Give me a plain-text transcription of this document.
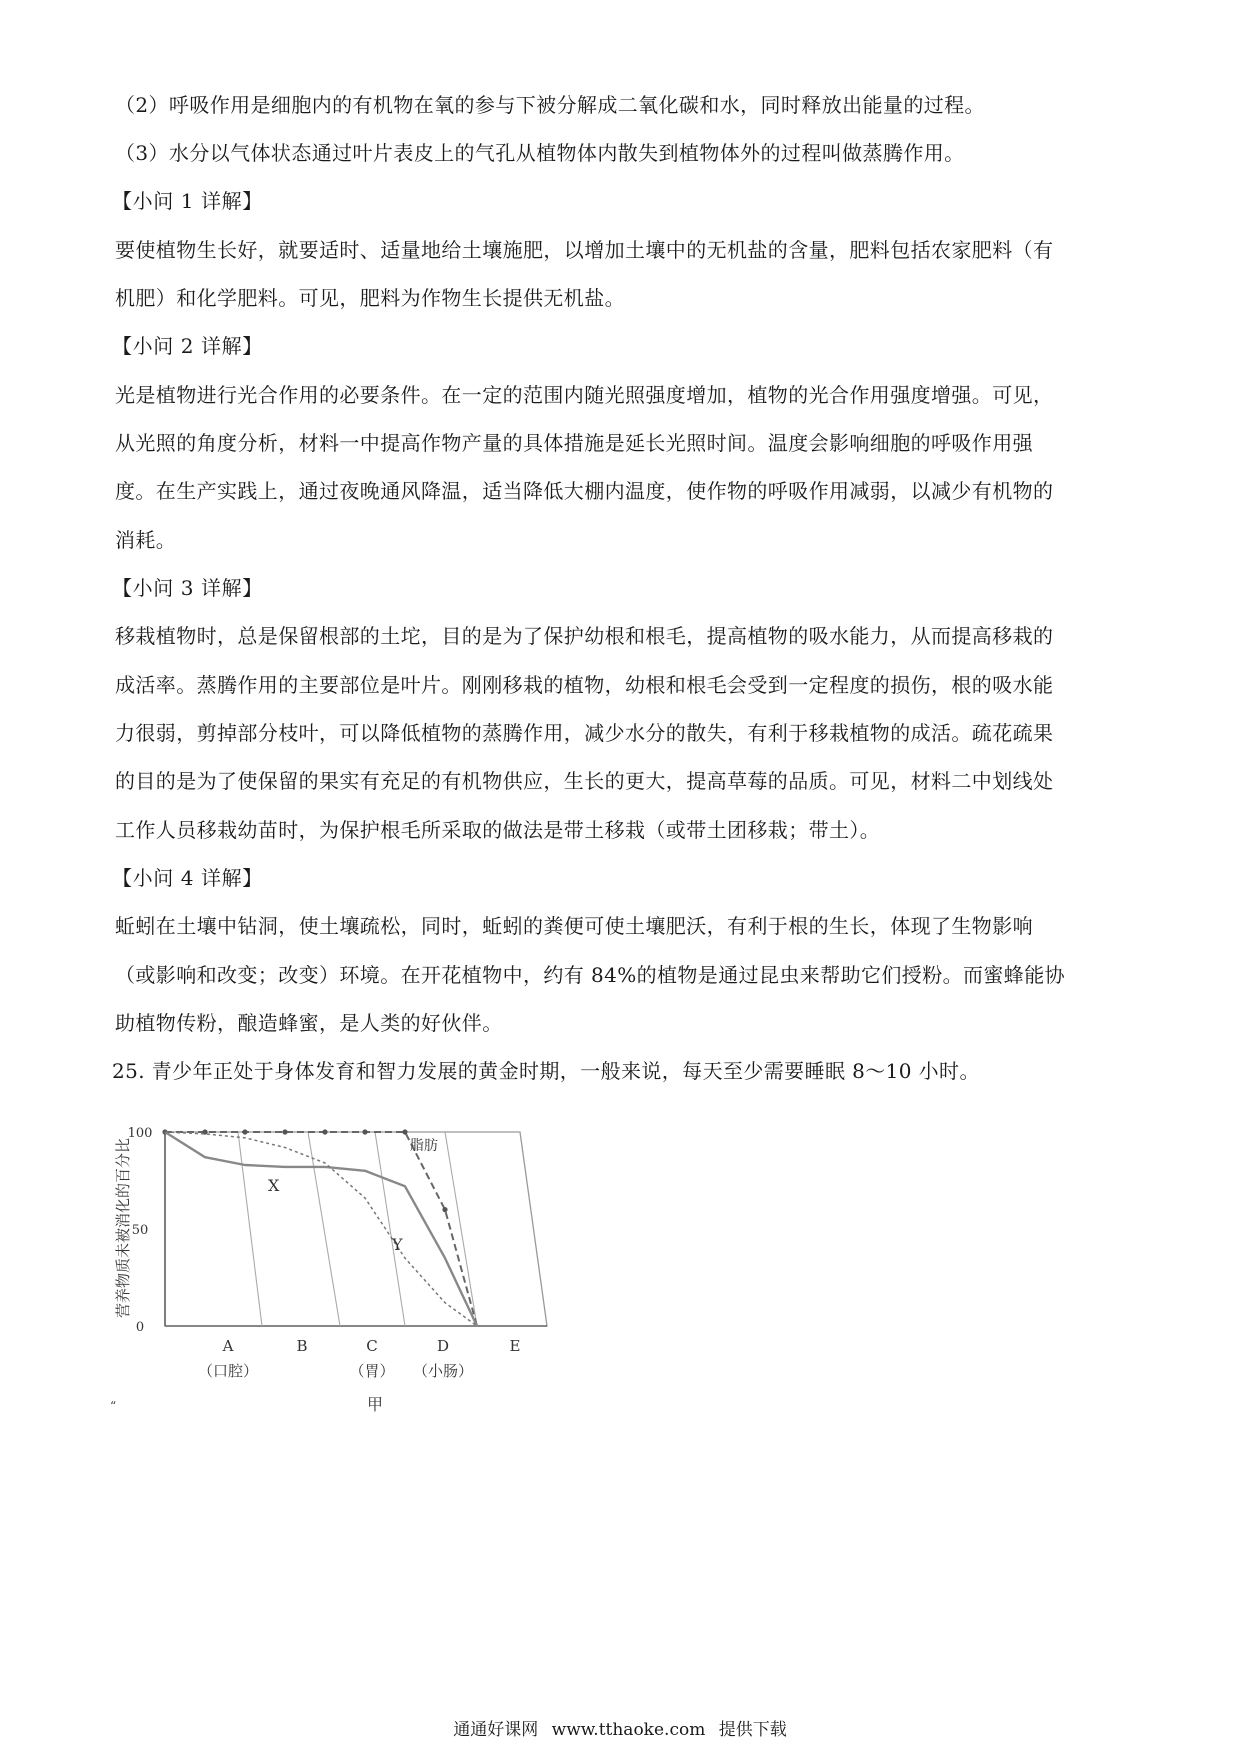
（2）呼吸作用是细胞内的有机物在氧的参与下被分解成二氧化碳和水，同时释放出能量的过程。
（3）水分以气体状态通过叶片表皮上的气孔从植物体内散失到植物体外的过程叫做蒸腾作用。
【小问 1 详解】
要使植物生长好，就要适时、适量地给土壤施肥，以增加土壤中的无机盐的含量，肥料包括农家肥料（有
机肥）和化学肥料。可见，肥料为作物生长提供无机盐。
【小问 2 详解】
光是植物进行光合作用的必要条件。在一定的范围内随光照强度增加，植物的光合作用强度增强。可见，
从光照的角度分析，材料一中提高作物产量的具体措施是延长光照时间。温度会影响细胞的呼吸作用强
度。在生产实践上，通过夜晚通风降温，适当降低大棚内温度，使作物的呼吸作用减弱，以减少有机物的
消耗。
【小问 3 详解】
移栽植物时，总是保留根部的土坨，目的是为了保护幼根和根毛，提高植物的吸水能力，从而提高移栽的
成活率。蒸腾作用的主要部位是叶片。刚刚移栽的植物，幼根和根毛会受到一定程度的损伤，根的吸水能
力很弱，剪掉部分枝叶，可以降低植物的蒸腾作用，减少水分的散失，有利于移栽植物的成活。疏花疏果
的目的是为了使保留的果实有充足的有机物供应，生长的更大，提高草莓的品质。可见，材料二中划线处
工作人员移栽幼苗时，为保护根毛所采取的做法是带土移栽（或带土团移栽；带土）。
【小问 4 详解】
蚯蚓在土壤中钻洞，使土壤疏松，同时，蚯蚓的粪便可使土壤肥沃，有利于根的生长，体现了生物影响
（或影响和改变；改变）环境。在开花植物中，约有 84%的植物是通过昆虫来帮助它们授粉。而蜜蜂能协
助植物传粉，酿造蜂蜜，是人类的好伙伴。
25. 青少年正处于身体发育和智力发展的黄金时期，一般来说，每天至少需要睡眠 8～10 小时。
100
50
0
营养物质未被消化的百分比
A
（口腔）
B	C
（胃）
D
（小肠）
E
脂肪
X
Y
甲
“
通通好课网 www.tthaoke.com 提供下载
